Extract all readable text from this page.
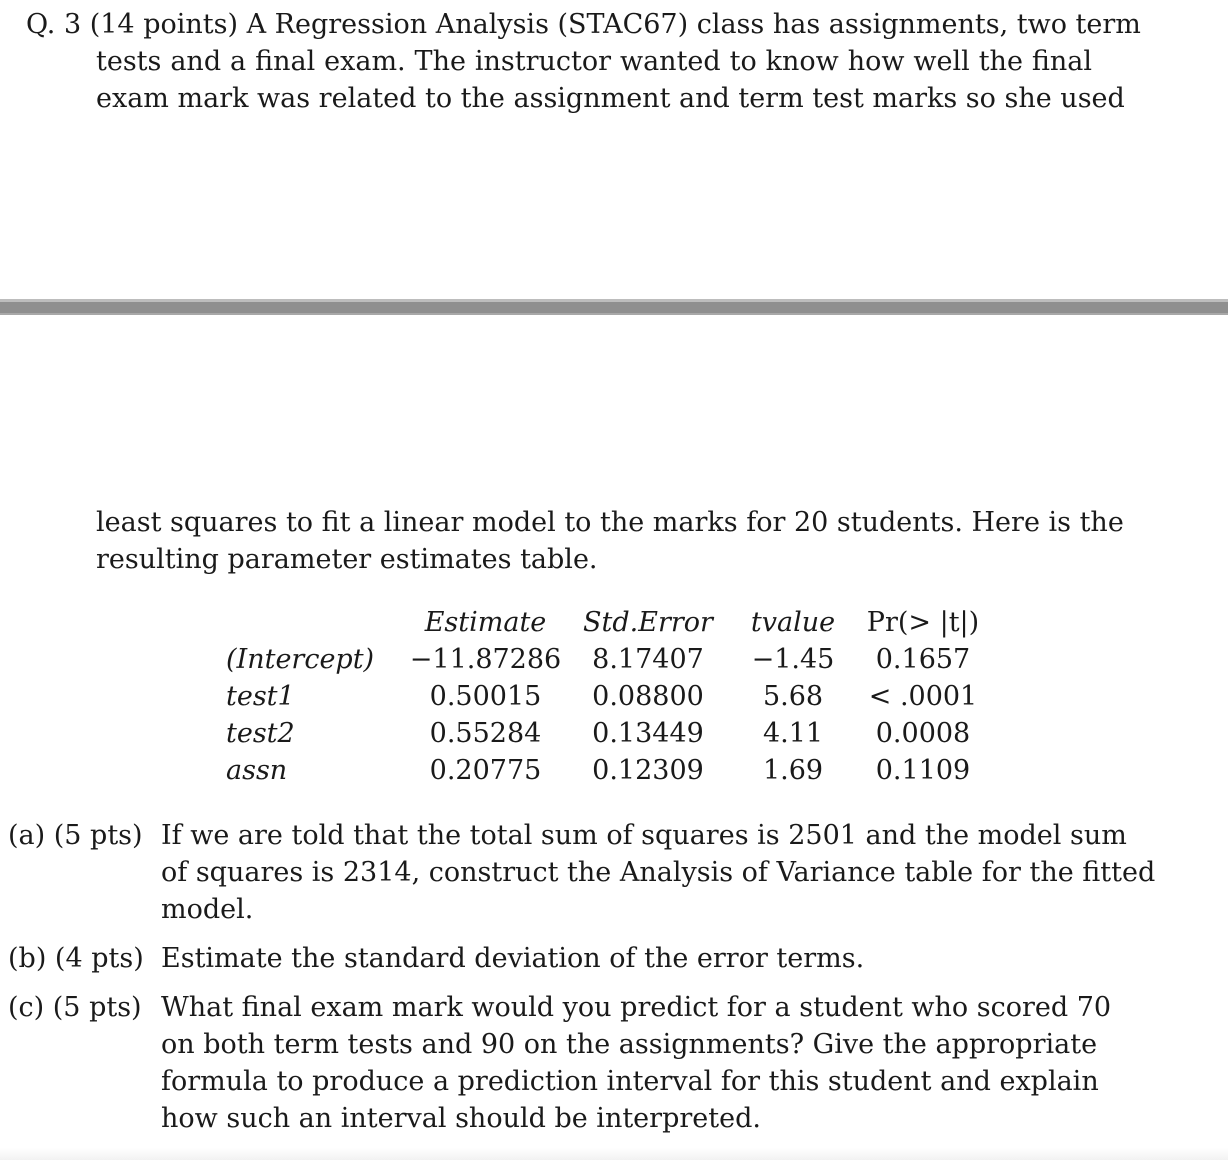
Q. 3 (14 points) A Regression Analysis (STAC67) class has assignments, two term
tests and a final exam. The instructor wanted to know how well the final
exam mark was related to the assignment and term test marks so she used
least squares to fit a linear model to the marks for 20 students. Here is the
resulting parameter estimates table.
	Estimate	Std.Error	tvalue	Pr(> |t|)
(Intercept)	−11.87286	8.17407	−1.45	0.1657
test1	0.50015	0.08800	5.68	< .0001
test2	0.55284	0.13449	4.11	0.0008
assn	0.20775	0.12309	1.69	0.1109
(a) (5 pts) If we are told that the total sum of squares is 2501 and the model sum
of squares is 2314, construct the Analysis of Variance table for the fitted
model.
(b) (4 pts) Estimate the standard deviation of the error terms.
(c) (5 pts) What final exam mark would you predict for a student who scored 70
on both term tests and 90 on the assignments? Give the appropriate
formula to produce a prediction interval for this student and explain
how such an interval should be interpreted.
